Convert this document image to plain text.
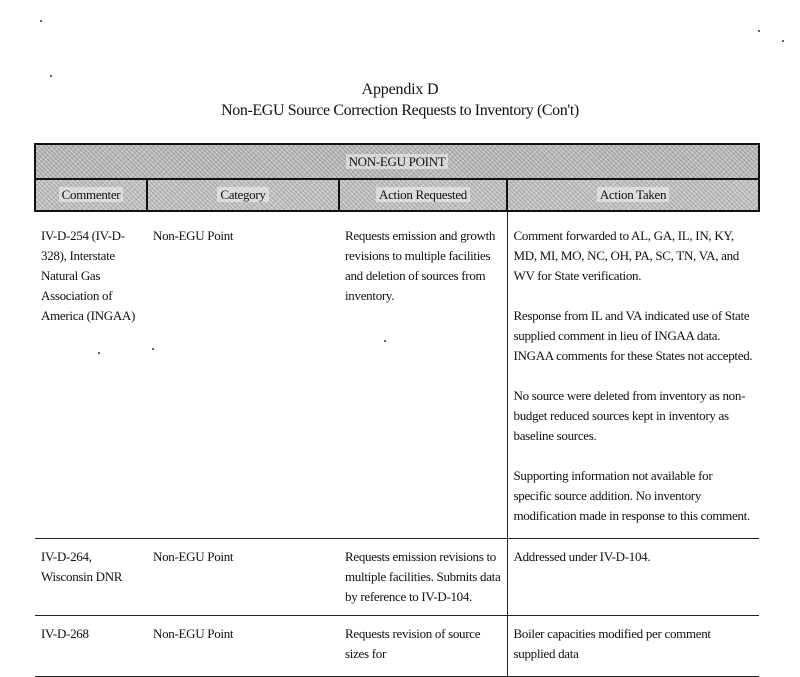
Appendix D
Non-EGU Source Correction Requests to Inventory (Con't)
NON-EGU POINT			
Commenter	Category	Action Requested	Action Taken
IV-D-254 (IV-D-328), Interstate Natural Gas Association of America (INGAA)	Non-EGU Point	Requests emission and growth revisions to multiple facilities and deletion of sources from inventory.	Comment forwarded to AL, GA, IL, IN, KY, MD, MI, MO, NC, OH, PA, SC, TN, VA, and WV for State verification.

Response from IL and VA indicated use of State supplied comment in lieu of INGAA data. INGAA comments for these States not accepted.

No source were deleted from inventory as non-budget reduced sources kept in inventory as baseline sources.

Supporting information not available for specific source addition. No inventory modification made in response to this comment.

IV-D-264, Wisconsin DNR	Non-EGU Point	Requests emission revisions to multiple facilities. Submits data by reference to IV-D-104.	Addressed under IV-D-104.

IV-D-268	Non-EGU Point	Requests revision of source sizes for	Boiler capacities modified per comment supplied data
